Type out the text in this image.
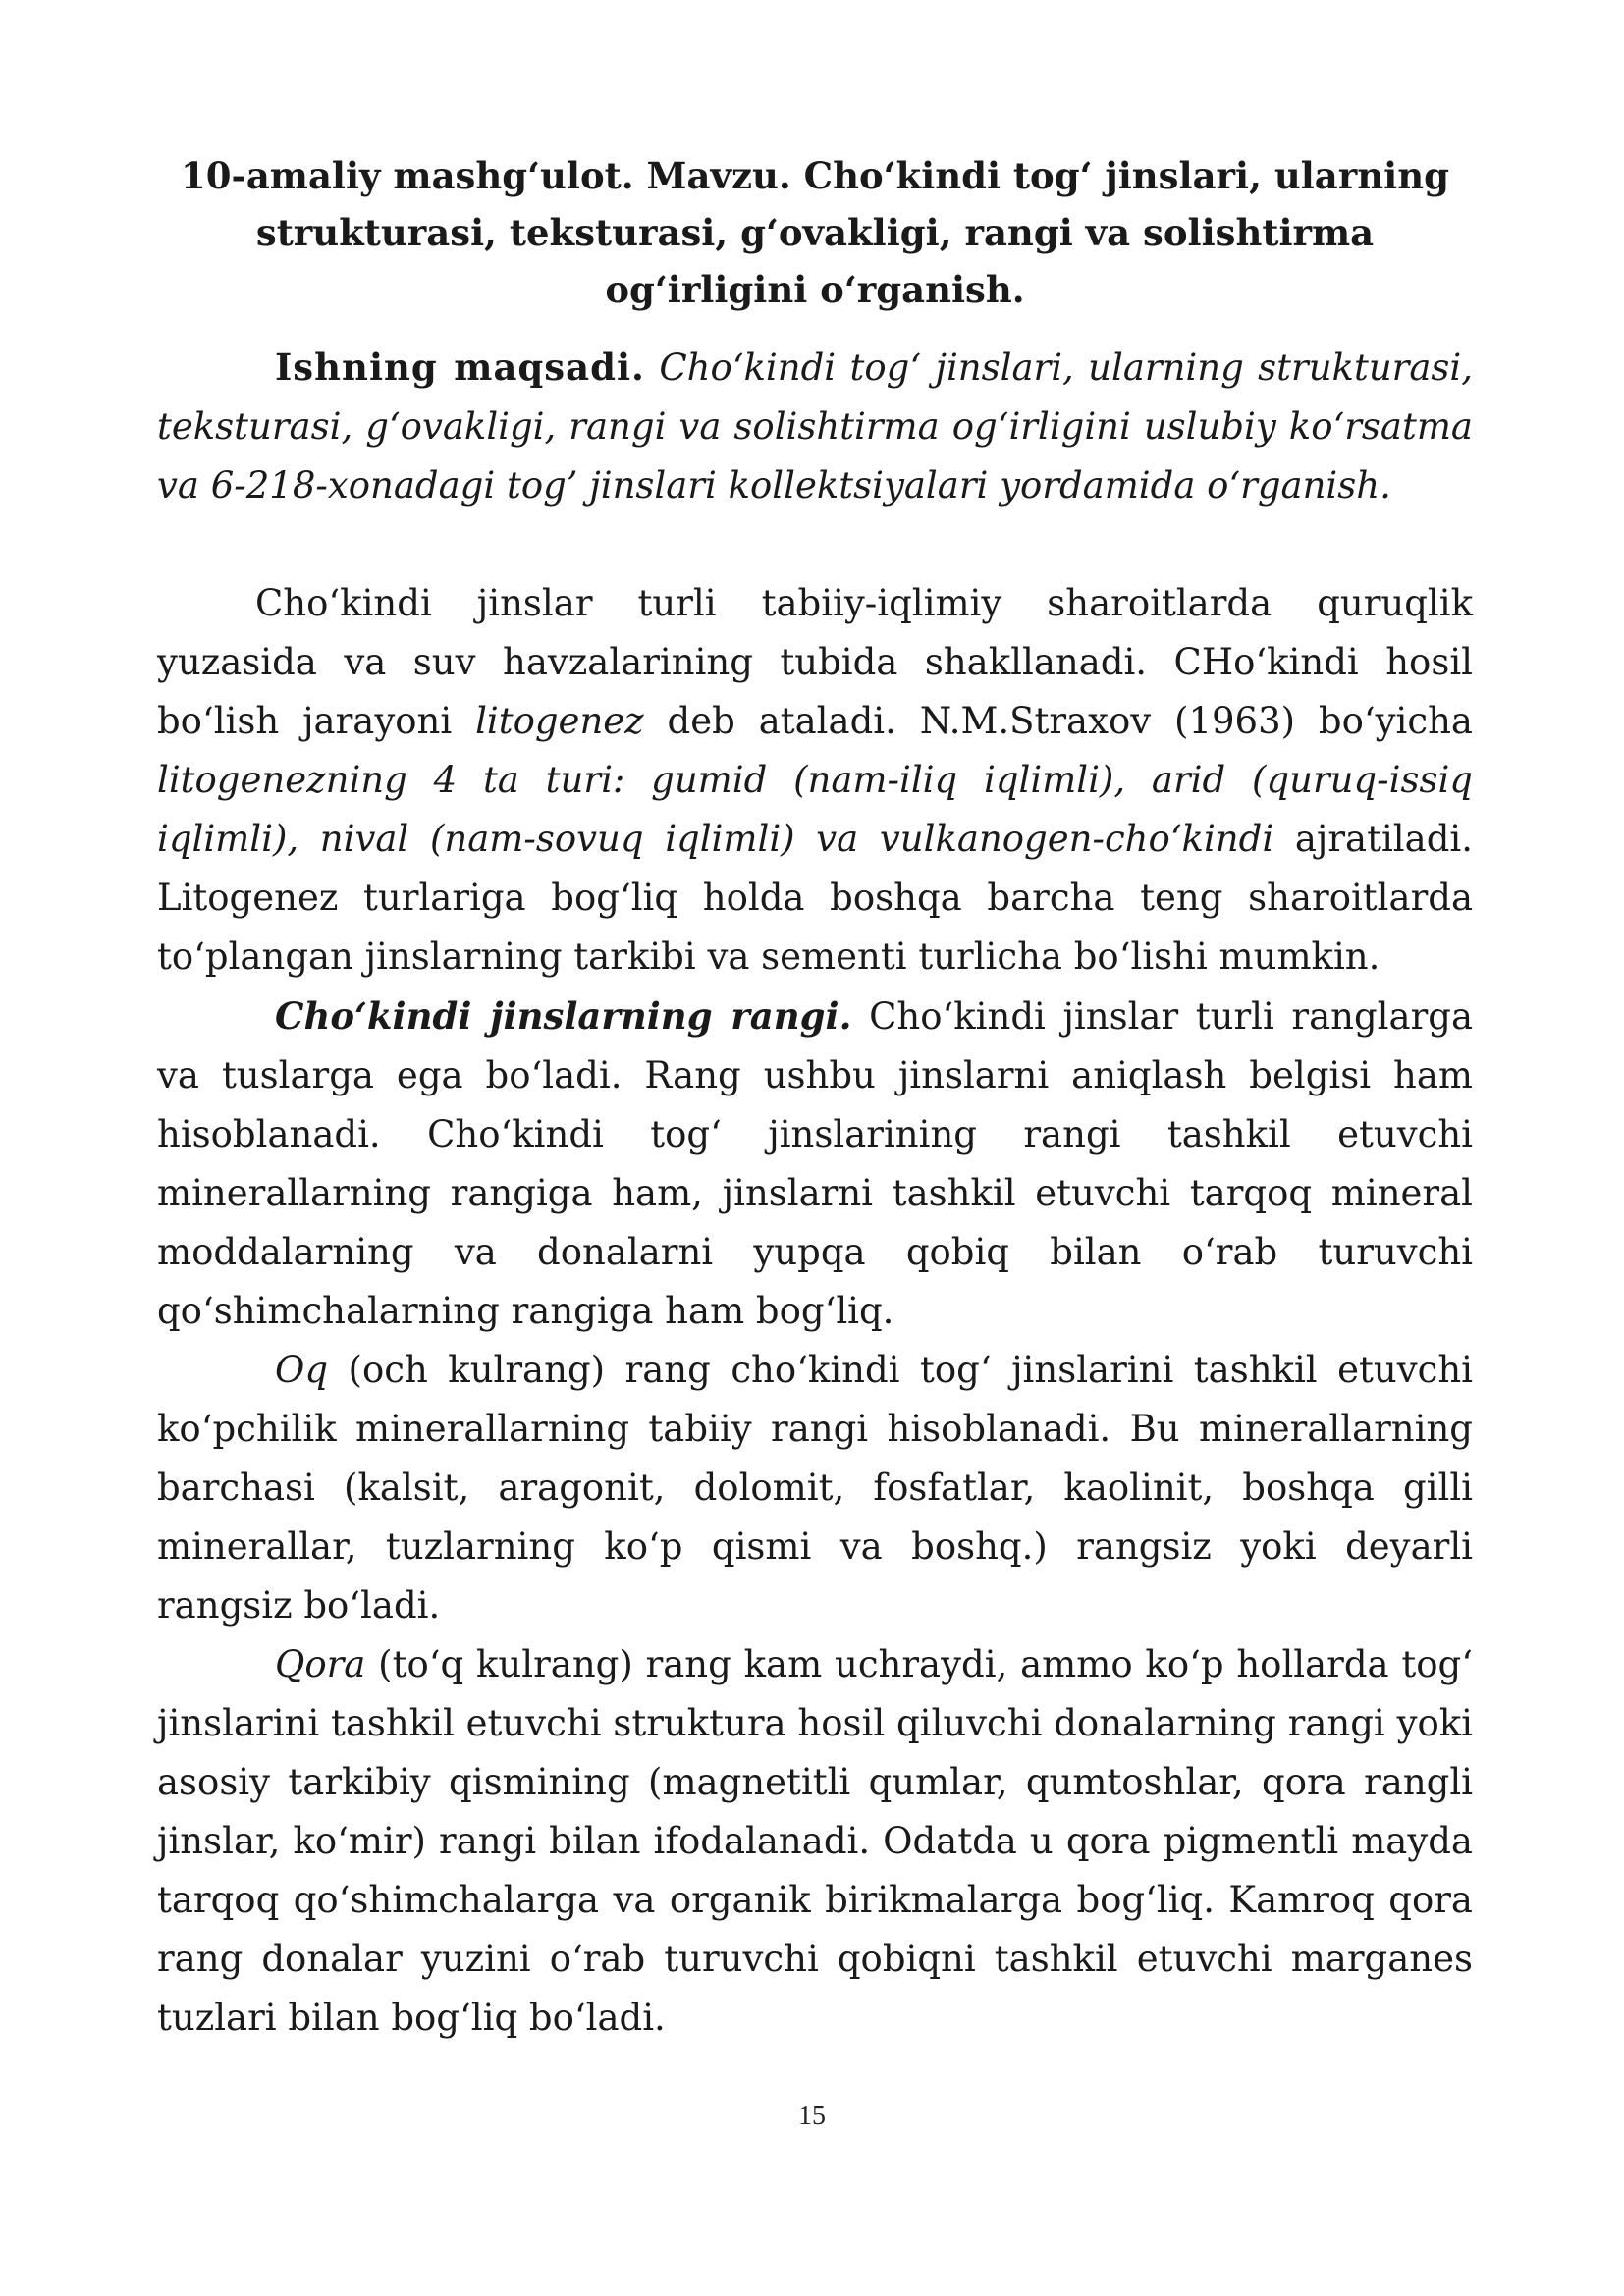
10-amaliy mashg‘ulot. Mavzu. Cho‘kindi tog‘ jinslari, ularning strukturasi, teksturasi, g‘ovakligi, rangi va solishtirma og‘irligini o‘rganish.

Ishning maqsadi. Cho‘kindi tog‘ jinslari, ularning strukturasi, teksturasi, g‘ovakligi, rangi va solishtirma og‘irligini uslubiy ko‘rsatma va 6-218-xonadagi tog’ jinslari kollektsiyalari yordamida o‘rganish.

Cho‘kindi jinslar turli tabiiy-iqlimiy sharoitlarda quruqlik yuzasida va suv havzalarining tubida shakllanadi. CHo‘kindi hosil bo‘lish jarayoni litogenez deb ataladi. N.M.Straxov (1963) bo‘yicha litogenezning 4 ta turi: gumid (nam-iliq iqlimli), arid (quruq-issiq iqlimli), nival (nam-sovuq iqlimli) va vulkanogen-cho‘kindi ajratiladi. Litogenez turlariga bog‘liq holda boshqa barcha teng sharoitlarda to‘plangan jinslarning tarkibi va sementi turlicha bo‘lishi mumkin.

Cho‘kindi jinslarning rangi. Cho‘kindi jinslar turli ranglarga va tuslarga ega bo‘ladi. Rang ushbu jinslarni aniqlash belgisi ham hisoblanadi. Cho‘kindi tog‘ jinslarining rangi tashkil etuvchi minerallarning rangiga ham, jinslarni tashkil etuvchi tarqoq mineral moddalarning va donalarni yupqa qobiq bilan o‘rab turuvchi qo‘shimchalarning rangiga ham bog‘liq.

Oq (och kulrang) rang cho‘kindi tog‘ jinslarini tashkil etuvchi ko‘pchilik minerallarning tabiiy rangi hisoblanadi. Bu minerallarning barchasi (kalsit, aragonit, dolomit, fosfatlar, kaolinit, boshqa gilli minerallar, tuzlarning ko‘p qismi va boshq.) rangsiz yoki deyarli rangsiz bo‘ladi.

Qora (to‘q kulrang) rang kam uchraydi, ammo ko‘p hollarda tog‘ jinslarini tashkil etuvchi struktura hosil qiluvchi donalarning rangi yoki asosiy tarkibiy qismining (magnetitli qumlar, qumtoshlar, qora rangli jinslar, ko‘mir) rangi bilan ifodalanadi. Odatda u qora pigmentli mayda tarqoq qo‘shimchalarga va organik birikmalarga bog‘liq. Kamroq qora rang donalar yuzini o‘rab turuvchi qobiqni tashkil etuvchi marganes tuzlari bilan bog‘liq bo‘ladi.

15
